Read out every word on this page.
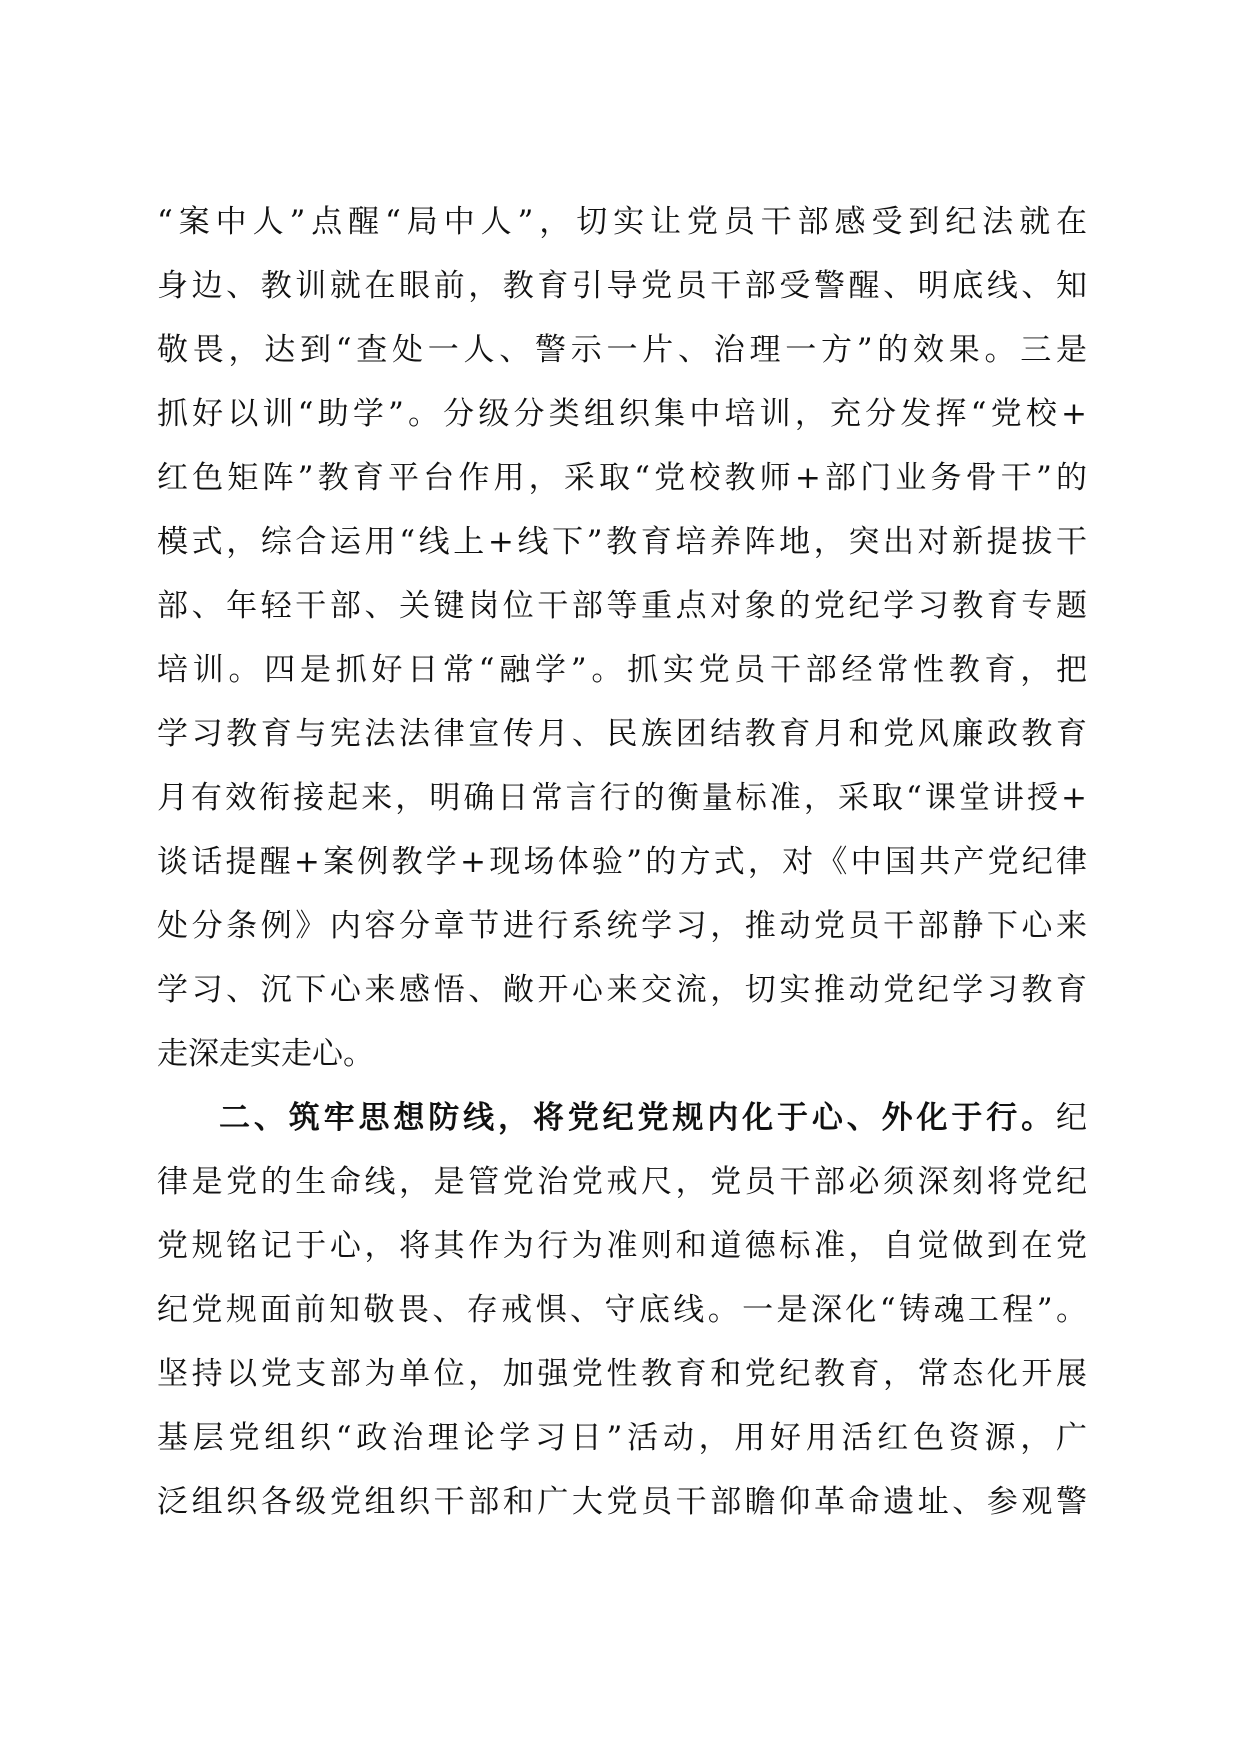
“案中人”点醒“局中人”，切实让党员干部感受到纪法就在
身边、教训就在眼前，教育引导党员干部受警醒、明底线、知
敬畏，达到“查处一人、警示一片、治理一方”的效果。三是
抓好以训“助学”。分级分类组织集中培训，充分发挥“党校+
红色矩阵”教育平台作用，采取“党校教师+部门业务骨干”的
模式，综合运用“线上+线下”教育培养阵地，突出对新提拔干
部、年轻干部、关键岗位干部等重点对象的党纪学习教育专题
培训。四是抓好日常“融学”。抓实党员干部经常性教育，把
学习教育与宪法法律宣传月、民族团结教育月和党风廉政教育
月有效衔接起来，明确日常言行的衡量标准，采取“课堂讲授+
谈话提醒+案例教学+现场体验”的方式，对《中国共产党纪律
处分条例》内容分章节进行系统学习，推动党员干部静下心来
学习、沉下心来感悟、敞开心来交流，切实推动党纪学习教育
走深走实走心。
二、筑牢思想防线，将党纪党规内化于心、外化于行。纪
律是党的生命线，是管党治党戒尺，党员干部必须深刻将党纪
党规铭记于心，将其作为行为准则和道德标准，自觉做到在党
纪党规面前知敬畏、存戒惧、守底线。一是深化“铸魂工程”。
坚持以党支部为单位，加强党性教育和党纪教育，常态化开展
基层党组织“政治理论学习日”活动，用好用活红色资源，广
泛组织各级党组织干部和广大党员干部瞻仰革命遗址、参观警
